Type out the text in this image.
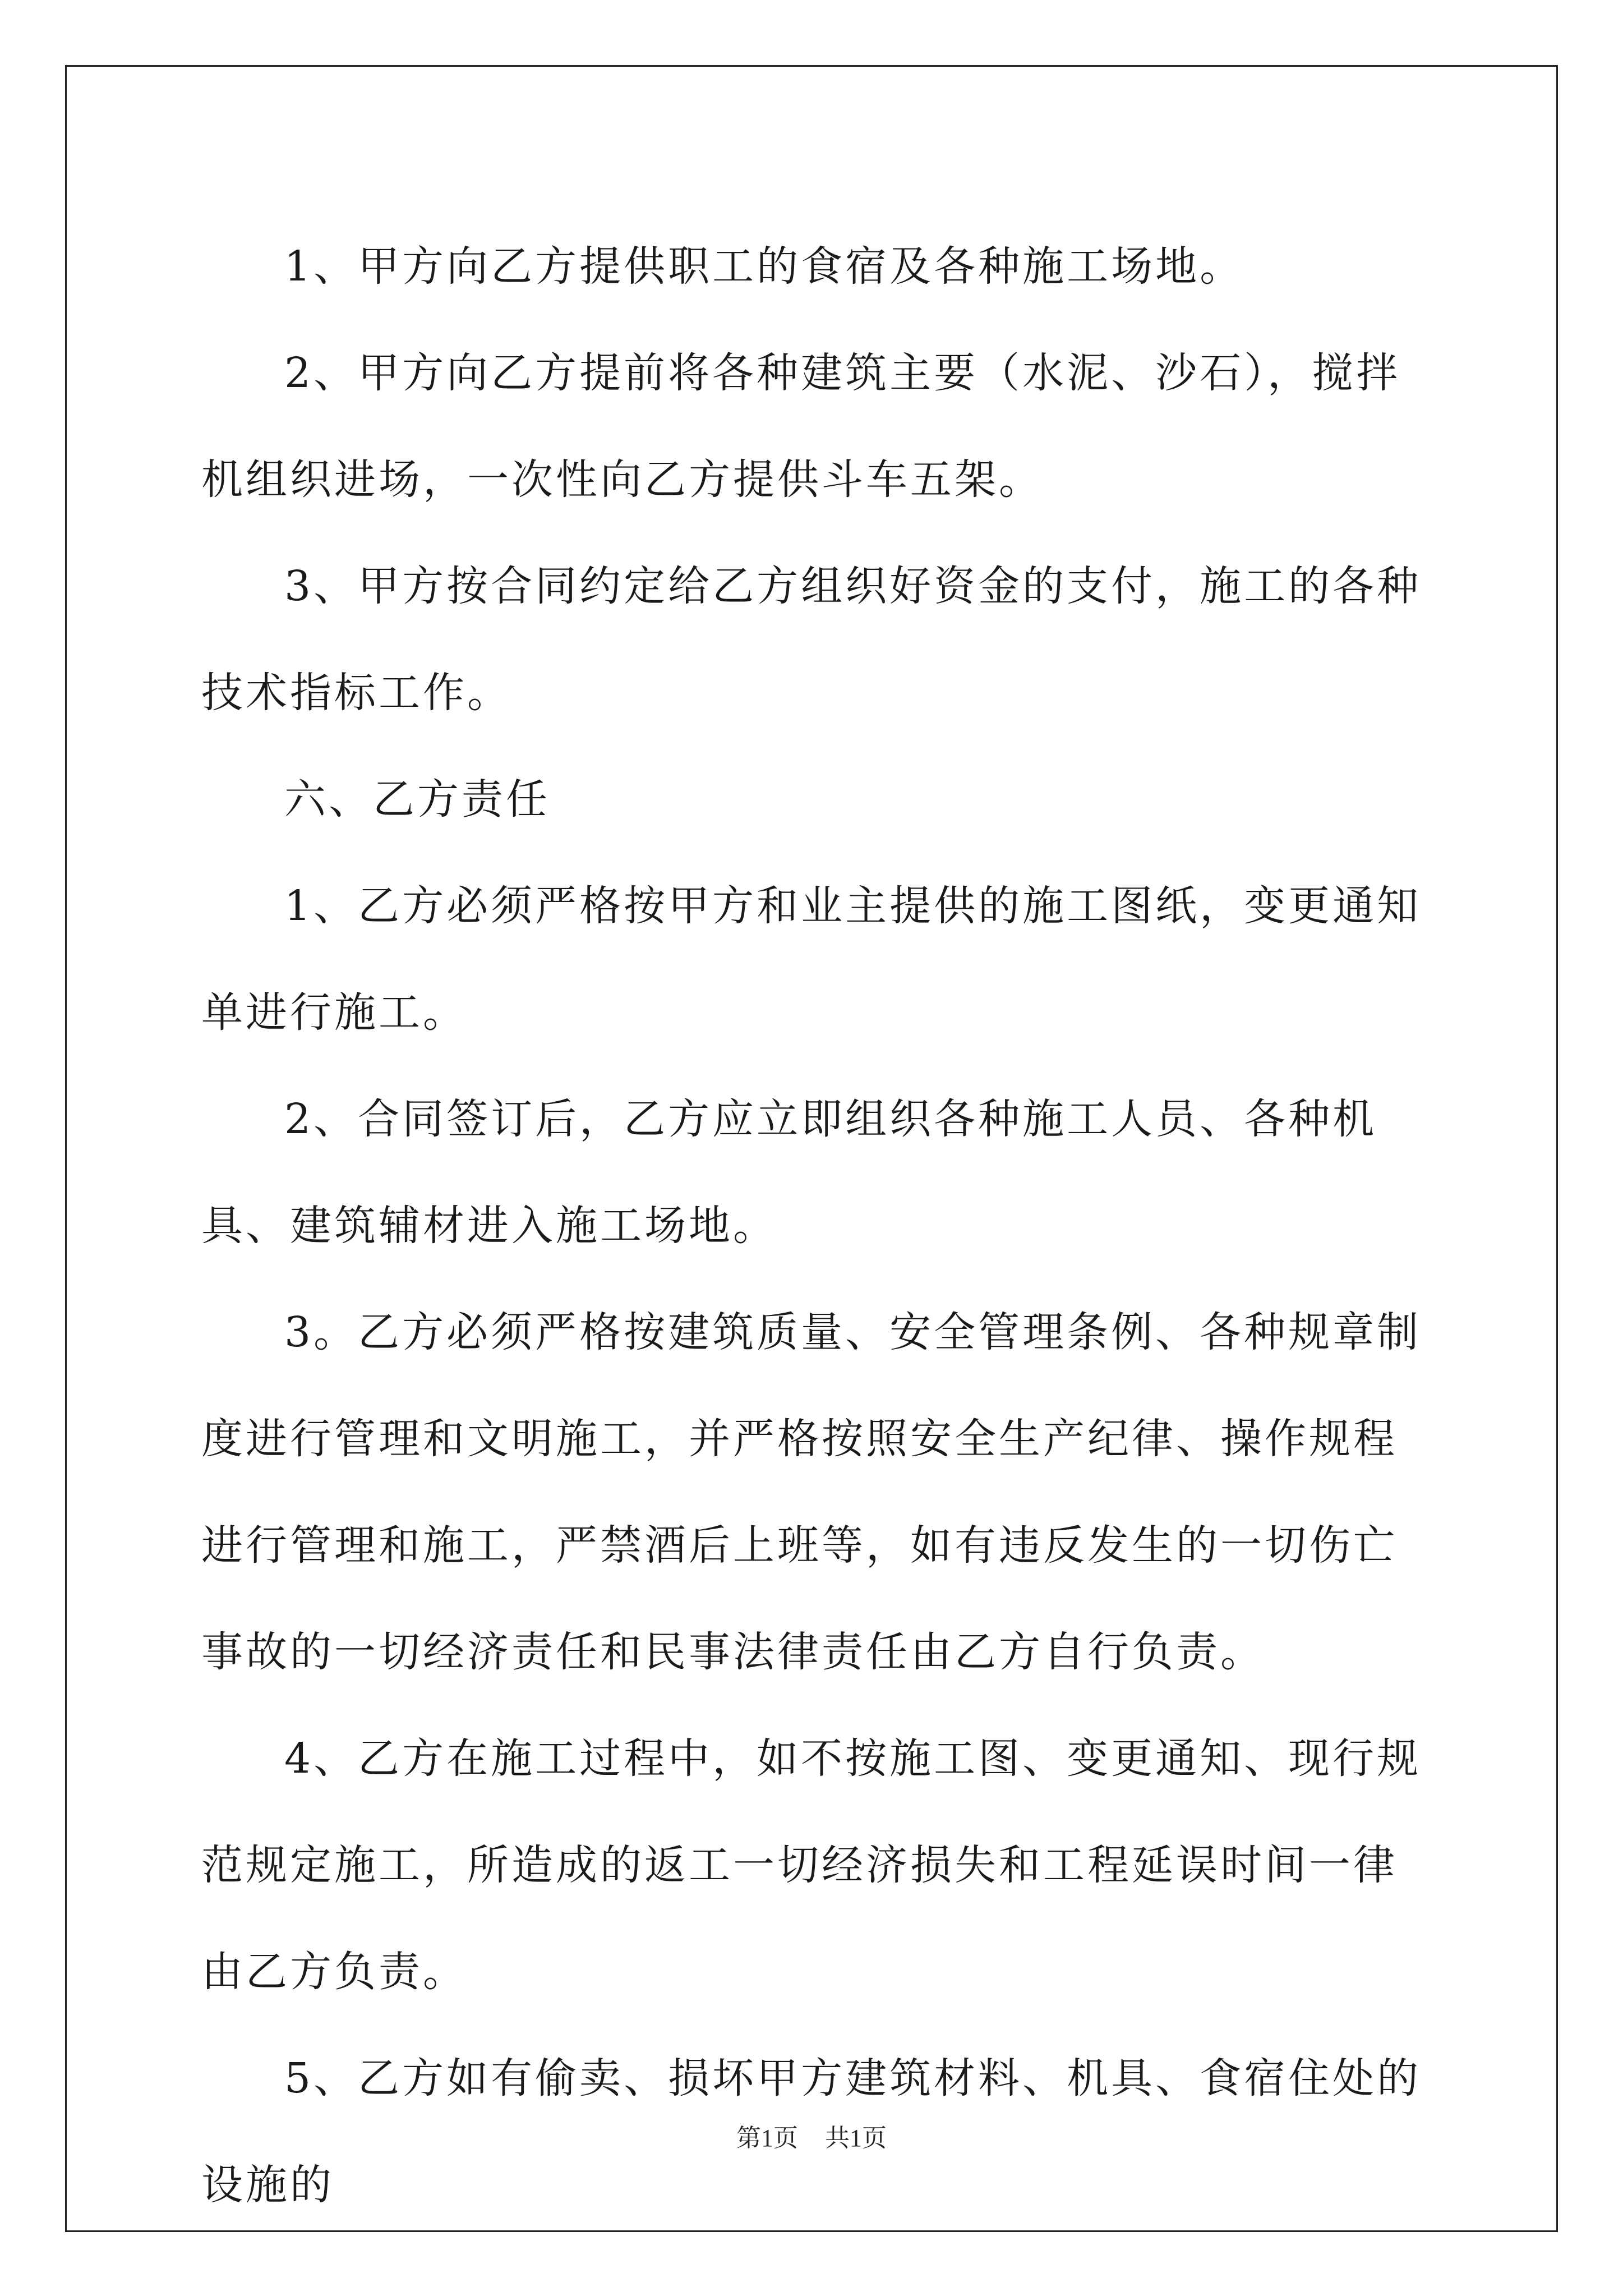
1、甲方向乙方提供职工的食宿及各种施工场地。

2、甲方向乙方提前将各种建筑主要（水泥、沙石），搅拌机组织进场，一次性向乙方提供斗车五架。

3、甲方按合同约定给乙方组织好资金的支付，施工的各种技术指标工作。

六、乙方责任

1、乙方必须严格按甲方和业主提供的施工图纸，变更通知单进行施工。

2、合同签订后，乙方应立即组织各种施工人员、各种机具、建筑辅材进入施工场地。

3。乙方必须严格按建筑质量、安全管理条例、各种规章制度进行管理和文明施工，并严格按照安全生产纪律、操作规程进行管理和施工，严禁酒后上班等，如有违反发生的一切伤亡事故的一切经济责任和民事法律责任由乙方自行负责。

4、乙方在施工过程中，如不按施工图、变更通知、现行规范规定施工，所造成的返工一切经济损失和工程延误时间一律由乙方负责。

5、乙方如有偷卖、损坏甲方建筑材料、机具、食宿住处的设施的

第1页 共1页
